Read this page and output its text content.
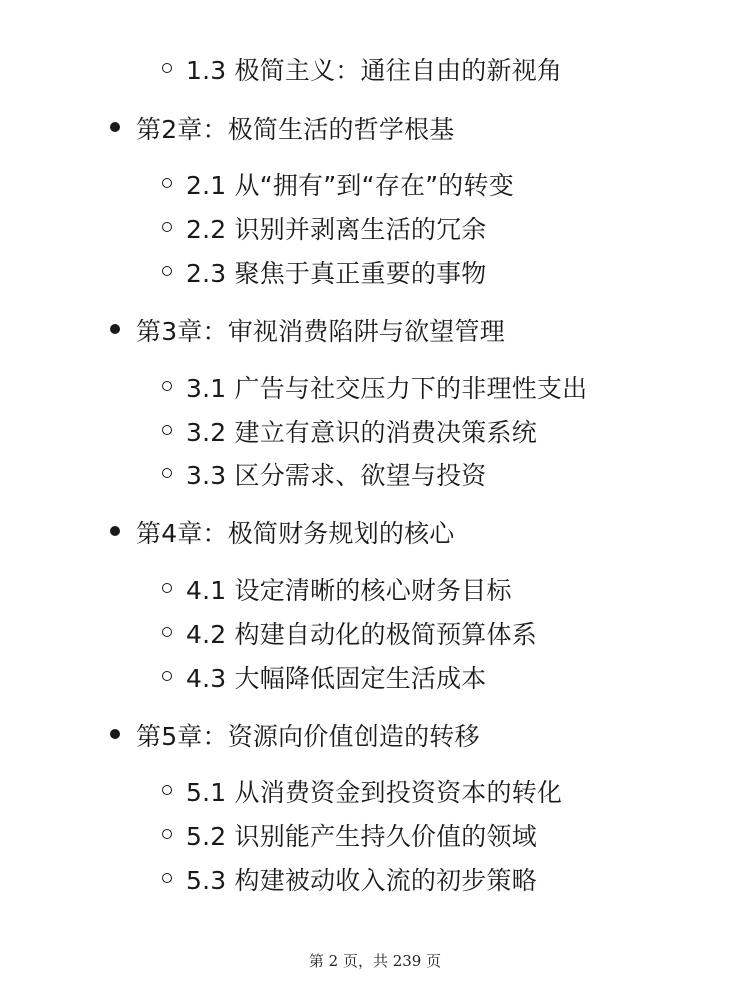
1.3 极简主义：通往自由的新视角
第2章：极简生活的哲学根基
2.1 从“拥有”到“存在”的转变
2.2 识别并剥离生活的冗余
2.3 聚焦于真正重要的事物
第3章：审视消费陷阱与欲望管理
3.1 广告与社交压力下的非理性支出
3.2 建立有意识的消费决策系统
3.3 区分需求、欲望与投资
第4章：极简财务规划的核心
4.1 设定清晰的核心财务目标
4.2 构建自动化的极简预算体系
4.3 大幅降低固定生活成本
第5章：资源向价值创造的转移
5.1 从消费资金到投资资本的转化
5.2 识别能产生持久价值的领域
5.3 构建被动收入流的初步策略
第 2 页，共 239 页
